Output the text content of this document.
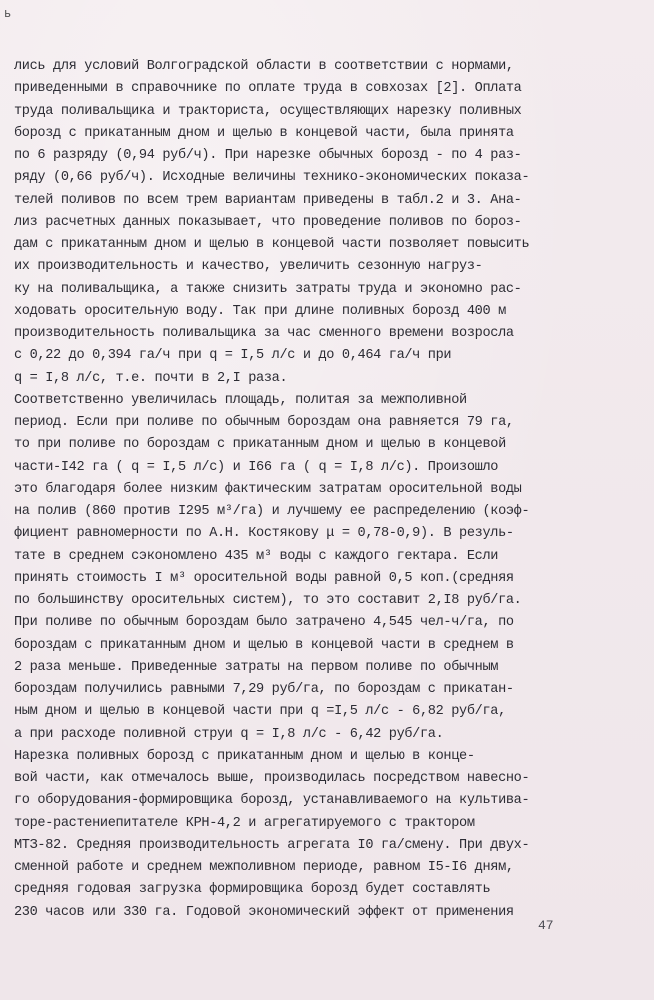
ь
лись для условий Волгоградской области в соответствии с нормами,
приведенными в справочнике по оплате труда в совхозах [2]. Оплата
труда поливальщика и тракториста, осуществляющих нарезку поливных
борозд с прикатанным дном и щелью в концевой части, была принята
по 6 разряду (0,94 руб/ч). При нарезке обычных борозд - по 4 раз-
ряду (0,66 руб/ч). Исходные величины технико-экономических показа-
телей поливов по всем трем вариантам приведены в табл.2 и 3. Ана-
лиз расчетных данных показывает, что проведение поливов по бороз-
дам с прикатанным дном и щелью в концевой части позволяет повысить
их производительность и качество, увеличить сезонную нагруз-
ку на поливальщика, а также снизить затраты труда и экономно рас-
ходовать оросительную воду. Так при длине поливных борозд 400 м
производительность поливальщика за час сменного времени возросла
с 0,22 до 0,394 га/ч при q = I,5 л/с и до 0,464 га/ч при
q = I,8 л/с, т.е. почти в 2,I раза.
Соответственно увеличилась площадь, политая за межполивной
период. Если при поливе по обычным бороздам она равняется 79 га,
то при поливе по бороздам с прикатанным дном и щелью в концевой
части-I42 га ( q = I,5 л/с) и I66 га ( q = I,8 л/с). Произошло
это благодаря более низким фактическим затратам оросительной воды
на полив (860 против I295 м³/га) и лучшему ее распределению (коэф-
фициент равномерности по А.Н. Костякову μ = 0,78-0,9). В резуль-
тате в среднем сэкономлено 435 м³ воды с каждого гектара. Если
принять стоимость I м³ оросительной воды равной 0,5 коп.(средняя
по большинству оросительных систем), то это составит 2,I8 руб/га.
При поливе по обычным бороздам было затрачено 4,545 чел-ч/га, по
бороздам с прикатанным дном и щелью в концевой части в среднем в
2 раза меньше. Приведенные затраты на первом поливе по обычным
бороздам получились равными 7,29 руб/га, по бороздам с прикатан-
ным дном и щелью в концевой части при q =I,5 л/с - 6,82 руб/га,
а при расходе поливной струи q = I,8 л/с - 6,42 руб/га.
Нарезка поливных борозд с прикатанным дном и щелью в конце-
вой части, как отмечалось выше, производилась посредством навесно-
го оборудования-формировщика борозд, устанавливаемого на культива-
торе-растениепитателе КРН-4,2 и агрегатируемого с трактором
МТЗ-82. Средняя производительность агрегата I0 га/смену. При двух-
сменной работе и среднем межполивном периоде, равном I5-I6 дням,
средняя годовая загрузка формировщика борозд будет составлять
230 часов или 330 га. Годовой экономический эффект от применения
47
